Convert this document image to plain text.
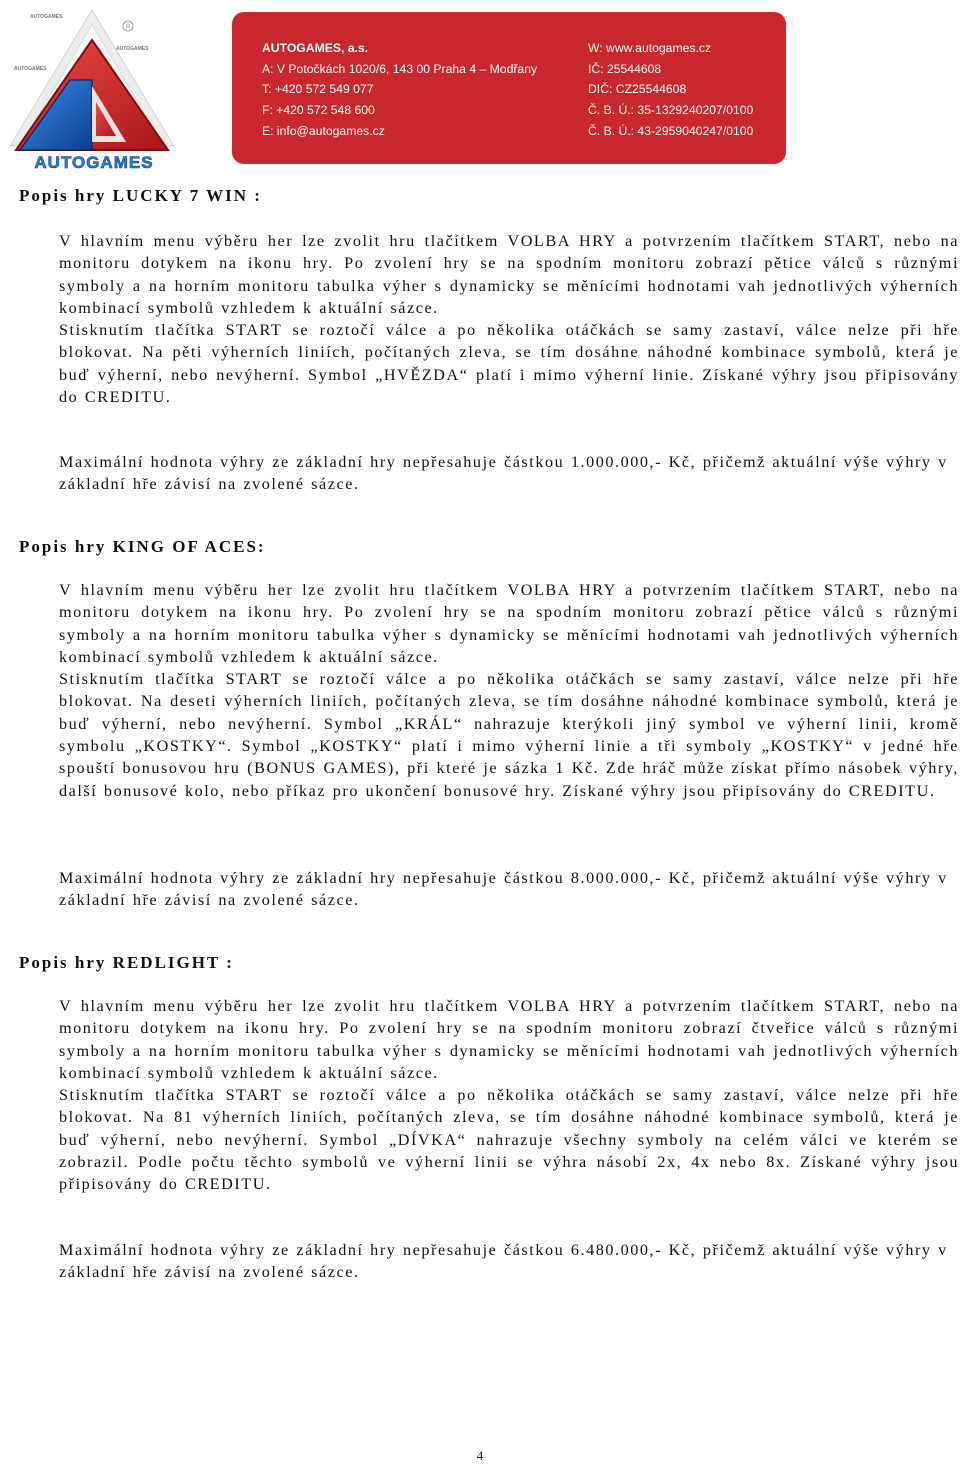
R
AUTOGAMES
AUTOGAMES
AUTOGAMES
AUTOGAMES
AUTOGAMES, a.s.
A: V Potočkách 1020/6, 143 00 Praha 4 – Modřany
T: +420 572 549 077
F: +420 572 548 600
E: info@autogames.cz
W: www.autogames.cz
IČ: 25544608
DIČ: CZ25544608
Č. B. Ú.: 35-1329240207/0100
Č. B. Ú.: 43-2959040247/0100
Popis hry LUCKY 7 WIN :
V hlavním menu výběru her lze zvolit hru tlačítkem VOLBA HRY a potvrzením tlačítkem START, nebo na monitoru dotykem na ikonu hry. Po zvolení hry se na spodním monitoru zobrazí pětice válců s různými symboly a na horním monitoru tabulka výher s dynamicky se měnícími hodnotami vah jednotlivých výherních kombinací symbolů vzhledem k aktuální sázce.
Stisknutím tlačítka START se roztočí válce a po několika otáčkách se samy zastaví, válce nelze při hře blokovat. Na pěti výherních liniích, počítaných zleva, se tím dosáhne náhodné kombinace symbolů, která je buď výherní, nebo nevýherní. Symbol „HVĚZDA“ platí i mimo výherní linie. Získané výhry jsou připisovány do CREDITU.
Maximální hodnota výhry ze základní hry nepřesahuje částkou 1.000.000,- Kč, přičemž aktuální výše výhry v základní hře závisí na zvolené sázce.
Popis hry KING OF ACES:
V hlavním menu výběru her lze zvolit hru tlačítkem VOLBA HRY a potvrzením tlačítkem START, nebo na monitoru dotykem na ikonu hry. Po zvolení hry se na spodním monitoru zobrazí pětice válců s různými symboly a na horním monitoru tabulka výher s dynamicky se měnícími hodnotami vah jednotlivých výherních kombinací symbolů vzhledem k aktuální sázce.
Stisknutím tlačítka START se roztočí válce a po několika otáčkách se samy zastaví, válce nelze při hře blokovat. Na deseti výherních liniích, počítaných zleva, se tím dosáhne náhodné kombinace symbolů, která je buď výherní, nebo nevýherní. Symbol „KRÁL“ nahrazuje kterýkoli jiný symbol ve výherní linii, kromě symbolu „KOSTKY“. Symbol „KOSTKY“ platí i mimo výherní linie a tři symboly „KOSTKY“ v jedné hře spouští bonusovou hru (BONUS GAMES), při které je sázka 1 Kč. Zde hráč může získat přímo násobek výhry, další bonusové kolo, nebo příkaz pro ukončení bonusové hry. Získané výhry jsou připisovány do CREDITU.
Maximální hodnota výhry ze základní hry nepřesahuje částkou 8.000.000,- Kč, přičemž aktuální výše výhry v základní hře závisí na zvolené sázce.
Popis hry REDLIGHT :
V hlavním menu výběru her lze zvolit hru tlačítkem VOLBA HRY a potvrzením tlačítkem START, nebo na monitoru dotykem na ikonu hry. Po zvolení hry se na spodním monitoru zobrazí čtveřice válců s různými symboly a na horním monitoru tabulka výher s dynamicky se měnícími hodnotami vah jednotlivých výherních kombinací symbolů vzhledem k aktuální sázce.
Stisknutím tlačítka START se roztočí válce a po několika otáčkách se samy zastaví, válce nelze při hře blokovat. Na 81 výherních liniích, počítaných zleva, se tím dosáhne náhodné kombinace symbolů, která je buď výherní, nebo nevýherní. Symbol „DÍVKA“ nahrazuje všechny symboly na celém válci ve kterém se zobrazil. Podle počtu těchto symbolů ve výherní linii se výhra násobí 2x, 4x nebo 8x. Získané výhry jsou připisovány do CREDITU.
Maximální hodnota výhry ze základní hry nepřesahuje částkou 6.480.000,- Kč, přičemž aktuální výše výhry v základní hře závisí na zvolené sázce.
4
